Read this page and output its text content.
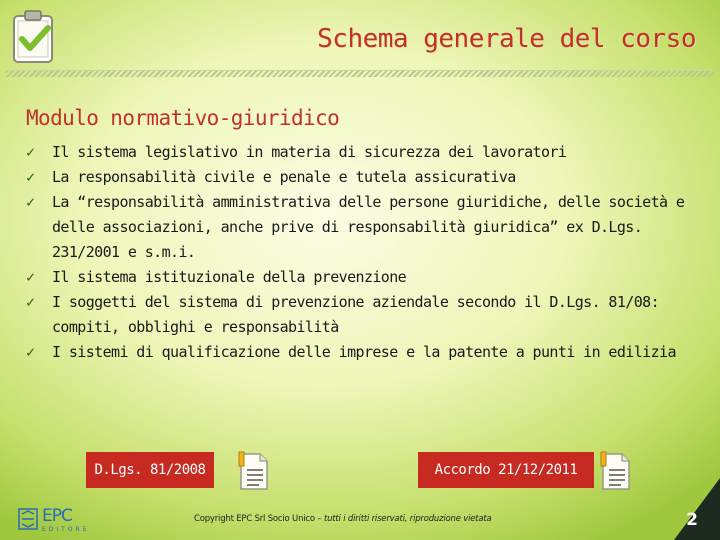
Schema generale del corso
Modulo normativo-giuridico
✓ Il sistema legislativo in materia di sicurezza dei lavoratori
✓ La responsabilità civile e penale e tutela assicurativa
✓ La “responsabilità amministrativa delle persone giuridiche, delle società e delle associazioni, anche prive di responsabilità giuridica” ex D.Lgs. 231/2001 e s.m.i.
✓ Il sistema istituzionale della prevenzione
✓ I soggetti del sistema di prevenzione aziendale secondo il D.Lgs. 81/08: compiti, obblighi e responsabilità
✓ I sistemi di qualificazione delle imprese e la patente a punti in edilizia
D.Lgs. 81/2008	Accordo 21/12/2011
EPC
EDITORE
Copyright EPC Srl Socio Unico – tutti i diritti riservati, riproduzione vietata	2
